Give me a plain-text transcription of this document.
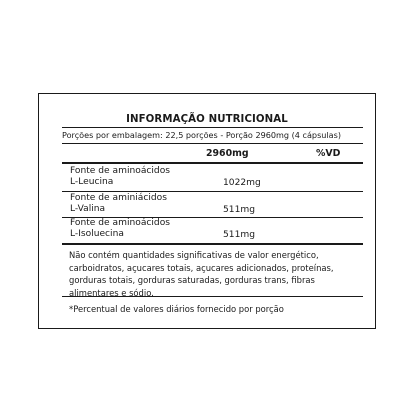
INFORMAÇÃO NUTRICIONAL
Porções por embalagem: 22,5 porções - Porção 2960mg (4 cápsulas)
2960mg	%VD
Fonte de aminoácidos
L-Leucina	1022mg
Fonte de aminiácidos
L-Valina	511mg
Fonte de aminoácidos
L-Isoluecina	511mg
Não contém quantidades significativas de valor energético, carboidratos, açucares totais, açucares adicionados, proteínas, gorduras totais, gorduras saturadas, gorduras trans, fibras alimentares e sódio.
*Percentual de valores diários fornecido por porção
